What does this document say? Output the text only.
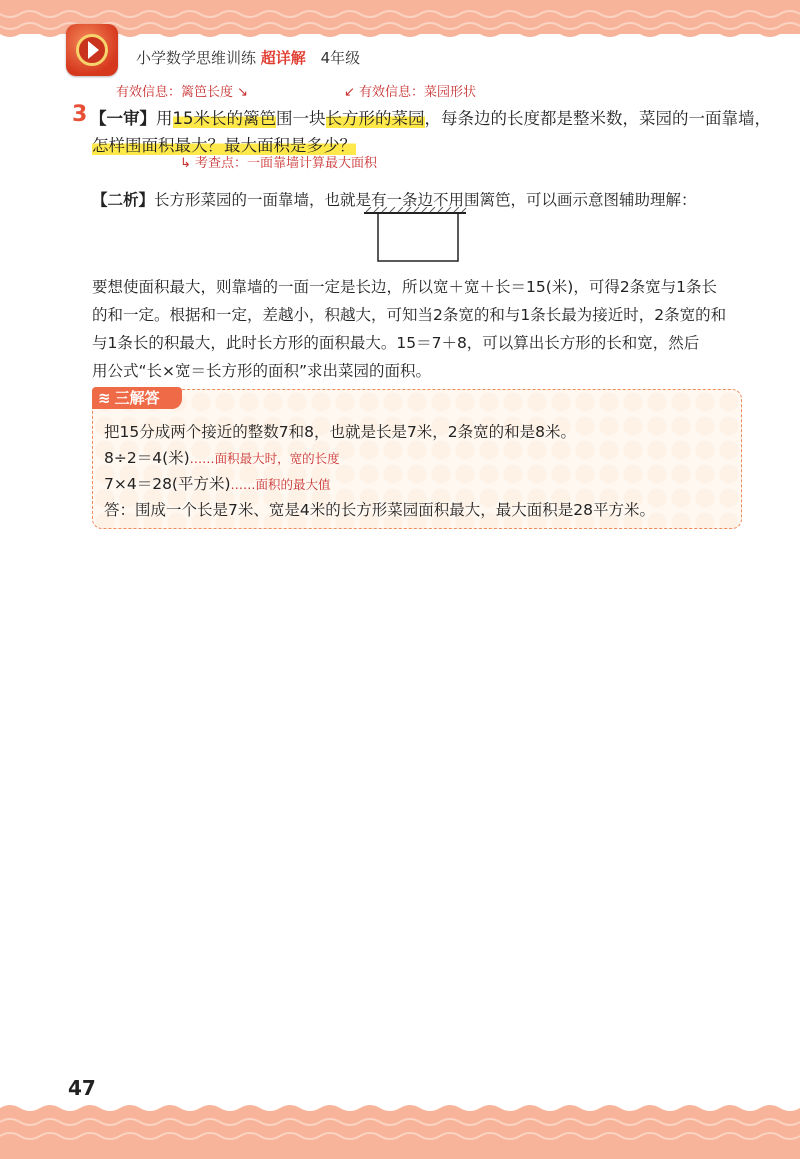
小学数学思维训练 超详解 4年级
有效信息：篱笆长度 ↘	↙ 有效信息：菜园形状
3 【一审】用15米长的篱笆围一块长方形的菜园，每条边的长度都是整米数，菜园的一面靠墙，
怎样围面积最大？最大面积是多少？
↳ 考查点：一面靠墙计算最大面积
【二析】长方形菜园的一面靠墙，也就是有一条边不用围篱笆，可以画示意图辅助理解：
要想使面积最大，则靠墙的一面一定是长边，所以宽＋宽＋长＝15(米)，可得2条宽与1条长
的和一定。根据和一定，差越小，积越大，可知当2条宽的和与1条长最为接近时，2条宽的和
与1条长的积最大，此时长方形的面积最大。15＝7＋8，可以算出长方形的长和宽，然后
用公式“长×宽＝长方形的面积”求出菜园的面积。
≋ 三解答
把15分成两个接近的整数7和8，也就是长是7米，2条宽的和是8米。
8÷2＝4(米)……面积最大时，宽的长度
7×4＝28(平方米)……面积的最大值
答：围成一个长是7米、宽是4米的长方形菜园面积最大，最大面积是28平方米。
47
